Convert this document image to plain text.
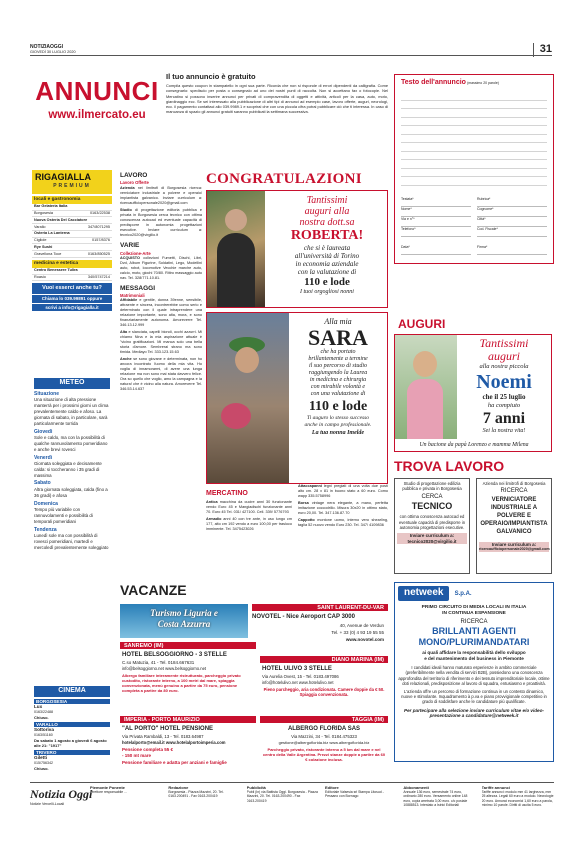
NOTIZIAOGGI
GIOVEDÌ 30 LUGLIO 2020	31
ANNUNCI
www.ilmercato.eu
Il tuo annuncio è gratuito
Compila questo coupon in stampatello in ogni sua parte. Ricorda che non si risponde di errori dipendenti da calligrafia. Come consegnarlo: spedisclo per posta o consegnalo ad uno dei nostri punti di raccolta. Non si accettano fax o fotocopie. Nel Mercatino si possono inserire annunci per privati di compravendita di oggetti e attività, articoli per la casa, auto, moto, giardinaggio ecc. Se sei interessato alla pubblicazione di altri tipi di annunci ad esempio case, lavoro offerte, auguri, necrologi, ecc. il pagamento contattaci allo 039.9989.1 e scoprirai che con una piccola cifra potrai pubblicare ciò che ti interessa. In caso di mancanza di spazio gli annunci gratuiti saranno pubblicati la settimana successiva.
Testo dell'annuncio (massimo 20 parole)
Testata*
Nome*
Via e n°*
Telefono*
Data*
Rubrica*
Cognome*
Città*
Cod. Fiscale*
Firma*
RIGAGIALLA
PREMIUM
locali e gastronomia
Bar Gelateria Italia
Borgosesia	0163/22538
Nuova Osteria Del Cacciatore
Varallo	347/8071295
Osteria La Lanterna
Cigliole	0157/8376
Rye Sushi
Gravellona Toce	0163/850525
medicina e estetica
Centro Benessere Tulira
Roasio	340/5747214
Vuoi esserci anche tu?
Chiama lo 039.99891 oppure
scrivi a info@rigagialla.it
METEO
Situazione
Una situazione di alta pressione manterrà per i prossimi giorni un clima prevalentemente caldo e afoso. La giornata di sabato, in particolare, sarà particolarmente torrida
Giovedì
Sole e caldo, ma con la possibilità di qualche rannuvolamento pomeridiano e anche brevi rovesci
Venerdì
Giornata soleggiata e decisamente calda: si toccheranno i 35 gradi di massima
Sabato
Altra giornata soleggiata, calda (fino a 36 gradi) e afosa
Domenica
Tempo più variabile con rannuvolamenti e possibilità di temporali pomeridiani
Tendenza
Lunedì sole ma con possibilità di rovesci pomeridiani, martedì e mercoledì prevalentemente soleggiato
CINEMA
BORGOSESIA
Lux
0163/22488
Chiuso.
VARALLO
Sottoriva
0163/51160
Da sabato 1 agosto a giovedì 6 agosto alle 21: "1917"
TRIVERO
Giletti
015/756342
Chiuso.
LAVORO
Lavoro Offerte
Azienda nei limitrofi di Borgosesia ricerca: verniciatore industriale a polvere e operaio/ impiantista galvanico. Inviare curriculum a: ricercaufficiopersonale2020@gmail.com
Studio di progettazione editoria pubblica e privata in Borgosesia cerca tecnico con ottima conoscenza autocad ed eventuale capacità di predisporre in autonomia progettazioni esecutive. Inviare curriculum a: tecnico2020@virgilio.it
VARIE
Collezione-Arte
ACQUISTO collezioni Fumetti, Dischi, Libri, Dvd, Album Figurine, Soldatini, Lego, Modellini auto, robot, locomotive Vecchie marche auto, calcio, moto, giochi 70/80. Ritiro massaggio auto nav. Tel. 328/771.10.81.
MESSAGGI
Matrimoniali
Affidabile e gentile, donna 39enne, sensibile, attraente e sincera, incontrerebbe uomo serio e determinato con il quale intraprendere una relazione importante, sono alta, mora, e sono finanziariamente autonoma. Amoreverre Tel. 346.13.12.999
Alta e slanciata, capelli biondi, occhi azzurri. Mi chiamo Nina e la mia aspirazione attuale è "vicino gratificazioni. Mi manca solo una bella storia d'amore. Sembrerai strano ma sono timida. Mediayo Tel. 333.123.15.63
Anche se sono giovane e determinata, non ho ancora incontrato l'uomo della mia vita. Ho voglia di innamorarmi, di avere una lunga relazione ma non sono mai stata davvero felice. Ora so quello che voglio, amo la campagna e la natura! che è vicino alla natura. Amoreverre Tel. 346.53.14.637
CONGRATULAZIONI
Tantissimi
auguri alla
nostra dott.sa
ROBERTA!
che si è laureata
all'università di Torino
in economia aziendale
con la valutazione di
110 e lode
I tuoi orgogliosi nonni
Alla mia
SARA
che ha portato
brillantemente a termine
il suo percorso di studio
raggiungendo la Laurea
in medicina e chirurgia
con mirabile volontà e
con una valutazione di
110 e lode
Ti auguro lo stesso successo
anche in campo professionale.
La tua nonna Imelde
MERCATINO
Antica macchina da cucire anni 30 funzionante vendo Euro 45 e Mangiadischi funzionante anni 70. Euro 45 Tel. 031/ 427100. Cell. 339/ 5776793
Armadio anni 40 con tre ante, in uso lungo cm 177, alto cm 192 vendo a euro 100,00 per trasloco imminente. Tel. 3475423026
Attaccapanni legni pregiati di una volta due posti alto cm. 28 x 81 in buono stato a 60 euro. Como wapp 335.5758996
Borsa vintage nera elegante, a mano, perfetta imitazione coccodrillo. Misura 30x20 in ottimo stato, euro 20,00. Tel. 347.136.87.70
Cappotto montone uomo, interno vero shearling, taglia 52 nuovo vendo Euro 230. Tel. 347/ 4109836
AUGURI
Tantissimi
auguri
alla nostra piccola
Noemi
che il 25 luglio
ha compiuto
7 anni
Sei la nostra vita!
Un bacione da papà Lorenzo e mamma Milena
TROVA LAVORO
Studio di progettazione edilizia pubblica e privata in Borgosesia
CERCA
TECNICO
con ottima conoscenza autocad ed eventuale capacità di predisporre in autonomia progettazioni esecutive.
Inviare curriculum a:
tecnico2020@virgilio.it
Azienda nei limitrofi di Borgosesia
RICERCA
VERNICIATORE INDUSTRIALE A POLVERE E OPERAIO/IMPIANTISTA GALVANICO
Inviare curriculum a:
ricercaufficiopersonale2020@gmail.com
netweek S.p.A.
PRIMO CIRCUITO DI MEDIA LOCALI IN ITALIA
IN CONTINUA ESPANSIONE
RICERCA
BRILLANTI AGENTI MONO/PLURIMANDATARI
ai quali affidare la responsabilità dello sviluppo
e del mantenimento del business in Piemonte
I candidati ideali hanno maturato esperienze in ambito commerciale (preferibilmente nella vendita di servizi B2B), possiedono una conoscenza approfondita del territorio di riferimento e dei tessuto imprenditoriale locale, ottime doti relazionali, predisposizione al lavoro di squadra, entusiasmo e proattività.
L'azienda offre un percorso di formazione continua in un contesto dinamico, nuove e stimolante. Inquadramento à p.va e piano provvigionale competitivo in grado di soddisfare anche le candidature più qualificate.
Per partecipare alla selezione inviare curriculum vitae e/o video-presentazione a candidature@netweek.it
VACANZE
Turismo Liguria e
Costa Azzurra
SAINT LAURENT-DU-VAR
NOVOTEL - Nice Aeroport CAP 3000
40, Avenue de Verdun
Tel. + 33 (0) 4 93 19 55 55
www.novotel.com
SANREMO (IM)
HOTEL BELSOGGIORNO - 3 STELLE
C.so Matuzia, 41 - Tel. 0184.667631
info@belsoggiorno.net www.belsoggiorno.net
Albergo familiare interamente ristrutturato, parcheggio privato custodito, ristorante interno, a 100 metri dal mare, spiaggia convenzionata, menù genuino a partire da 75 euro, pensione completa a partire da 80 euro.
DIANO MARINA (IM)
HOTEL ULIVO 3 STELLE
Via Aurelia Ovest, 15 - Tel. 0183.497086
info@hotelulivo.net www.hotelulivo.net
Pieno parcheggio, aria condizionata. Camere doppie da € 50. Spiaggia convenzionata.
IMPERIA - PORTO MAURIZIO
"AL PORTO" HOTEL PENSIONE
Via Privata Rambaldi, 13 - Tel. 0183.64987
hotelalporto@email.it www.hotelalportoimperia.com
Pensione completa 55 €
- 150 mt mare
Pensione familiare e adatta per anziani e famiglie
TAGGIA (IM)
ALBERGO FLORIDA SAS
Via Mazzini, 34 - Tel. 0184.475323
gestione@albergoflorida.biz www.albergoflorida.biz
Parcheggio privato, ristorante interno a 5 km dal mare e nel centro della Valle Argentina. Prezzi stanze doppie a partire da 60 € colazione inclusa.
Notizia Oggi
Notizie Vercelli-Locali
Piemonte Ponente
Direttore responsabile ...
Redazione
Borgosesia - Piazza Mazzini, 20. Tel. 0163.200491 - Fax 0163.200419
Pubblicità
Publi (In) via Battista Oggi. Borgosesia - Piazza Mazzini, 20. Tel. 0163.200490 - Fax 0163.200419
Editore
Editoriale Valsesia srl Stampa Litosud - Pessano con Bornago
Abbonamenti
Annuale 136 euro, semestrale 74 euro, ordinario 280 euro. Versamento online 148 euro, copia arretrata 3,00 euro. c/c postale 10888513. Intestato a Istrici Editoriali
Tariffe annunci
Tariffe annunci: modulo mm 41 larghezza, mm 25 altezza. Legali 60 euro a modulo. Necrologie 20 euro. Annunci economici 1,60 euro a parola, minimo 10 parole. Diritti di uscita 5 euro.
